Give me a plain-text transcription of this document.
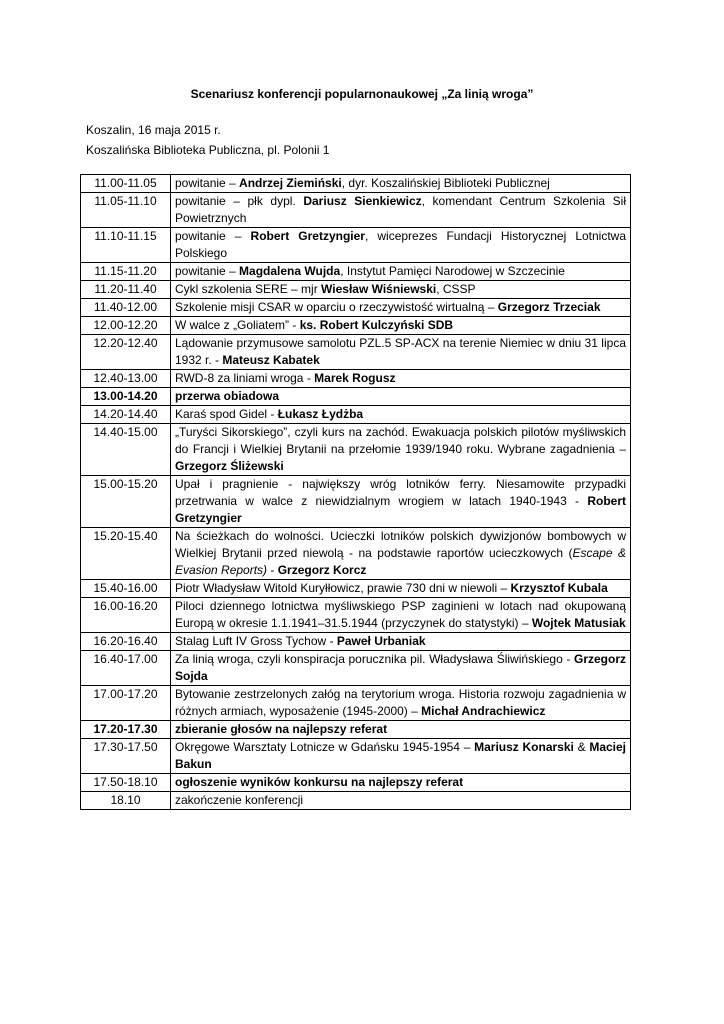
Scenariusz konferencji popularnonaukowej „Za linią wroga”
Koszalin, 16 maja 2015 r.
Koszalińska Biblioteka Publiczna, pl. Polonii 1
11.00-11.05	powitanie – Andrzej Ziemiński, dyr. Koszalińskiej Biblioteki Publicznej
11.05-11.10	powitanie – płk dypl. Dariusz Sienkiewicz, komendant Centrum Szkolenia Sił Powietrznych
11.10-11.15	powitanie – Robert Gretzyngier, wiceprezes Fundacji Historycznej Lotnictwa Polskiego
11.15-11.20	powitanie – Magdalena Wujda, Instytut Pamięci Narodowej w Szczecinie
11.20-11.40	Cykl szkolenia SERE – mjr Wiesław Wiśniewski, CSSP
11.40-12.00	Szkolenie misji CSAR w oparciu o rzeczywistość wirtualną – Grzegorz Trzeciak
12.00-12.20	W walce z „Goliatem” - ks. Robert Kulczyński SDB
12.20-12.40	Lądowanie przymusowe samolotu PZL.5 SP-ACX na terenie Niemiec w dniu 31 lipca 1932 r. - Mateusz Kabatek
12.40-13.00	RWD-8 za liniami wroga - Marek Rogusz
13.00-14.20	przerwa obiadowa
14.20-14.40	Karaś spod Gidel - Łukasz Łydżba
14.40-15.00	„Turyści Sikorskiego”, czyli kurs na zachód. Ewakuacja polskich pilotów myśliwskich do Francji i Wielkiej Brytanii na przełomie 1939/1940 roku. Wybrane zagadnienia –Grzegorz Śliżewski
15.00-15.20	Upał i pragnienie - największy wróg lotników ferry. Niesamowite przypadki przetrwania w walce z niewidzialnym wrogiem w latach 1940-1943 - Robert Gretzyngier
15.20-15.40	Na ścieżkach do wolności. Ucieczki lotników polskich dywizjonów bombowych w Wielkiej Brytanii przed niewolą - na podstawie raportów ucieczkowych (Escape & Evasion Reports) - Grzegorz Korcz
15.40-16.00	Piotr Władysław Witold Kuryłłowicz, prawie 730 dni w niewoli – Krzysztof Kubala
16.00-16.20	Piloci dziennego lotnictwa myśliwskiego PSP zaginieni w lotach nad okupowaną Europą w okresie 1.1.1941–31.5.1944 (przyczynek do statystyki) – Wojtek Matusiak
16.20-16.40	Stalag Luft IV Gross Tychow - Paweł Urbaniak
16.40-17.00	Za linią wroga, czyli konspiracja porucznika pil. Władysława Śliwińskiego - Grzegorz Sojda
17.00-17.20	Bytowanie zestrzelonych załóg na terytorium wroga. Historia rozwoju zagadnienia w różnych armiach, wyposażenie (1945-2000) – Michał Andrachiewicz
17.20-17.30	zbieranie głosów na najlepszy referat
17.30-17.50	Okręgowe Warsztaty Lotnicze w Gdańsku 1945-1954 – Mariusz Konarski & Maciej Bakun
17.50-18.10	ogłoszenie wyników konkursu na najlepszy referat
18.10	zakończenie konferencji
